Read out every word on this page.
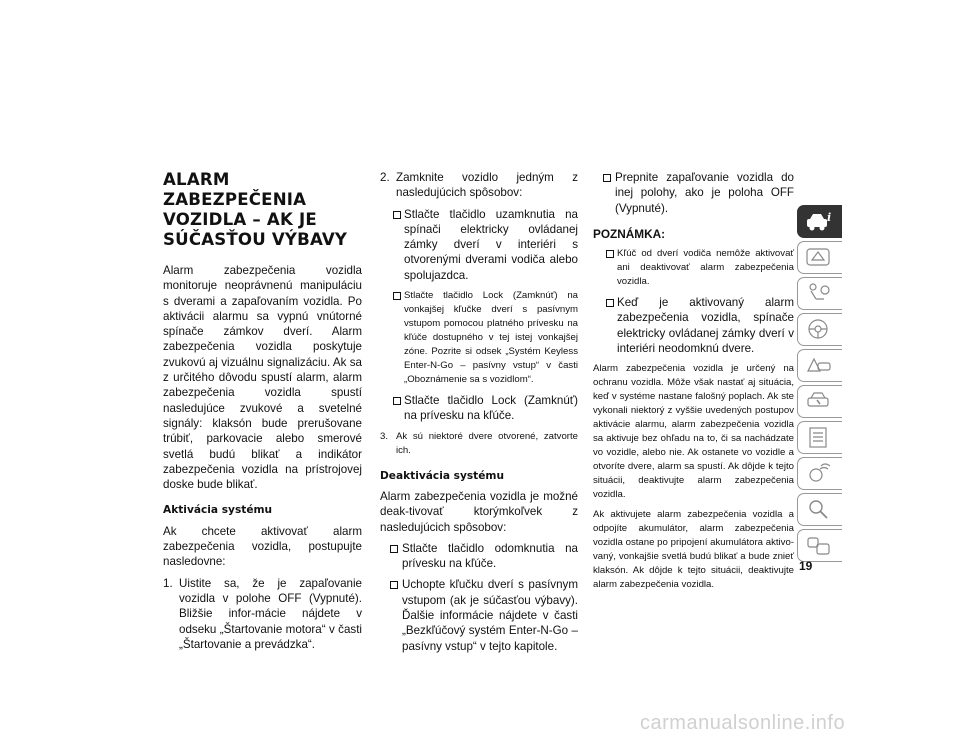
ALARM ZABEZPEČENIA
VOZIDLA – AK JE
SÚČASŤOU VÝBAVY

Alarm zabezpečenia vozidla monitoruje neoprávnenú manipuláciu s dverami a zapaľovaním vozidla. Po aktivácii alarmu sa vypnú vnútorné spínače zámkov dverí. Alarm zabezpečenia vozidla poskytuje zvukovú aj vizuálnu signalizáciu. Ak sa z určitého dôvodu spustí alarm, alarm zabezpečenia vozidla spustí nasledujúce zvukové a svetelné signály: klaksón bude prerušovane trúbiť, parkovacie alebo smerové svetlá budú blikať a indikátor zabezpečenia vozidla na prístrojovej doske bude blikať.

Aktivácia systému

Ak chcete aktivovať alarm zabezpečenia vozidla, postupujte nasledovne:

1. Uistite sa, že je zapaľovanie vozidla v polohe OFF (Vypnuté). Bližšie infor-mácie nájdete v odseku „Štartovanie motora“ v časti „Štartovanie a prevádzka“.
2. Zamknite vozidlo jedným z nasledujúcich spôsobov:
Stlačte tlačidlo uzamknutia na spínači elektricky ovládanej zámky dverí v interiéri s otvorenými dverami vodiča alebo spolujazdca.
Stlačte tlačidlo Lock (Zamknúť) na vonkajšej kľučke dverí s pasívnym vstupom pomocou platného prívesku na kľúče dostupného v tej istej vonkajšej zóne. Pozrite si odsek „Systém Keyless Enter-N-Go – pasívny vstup“ v časti „Oboznámenie sa s vozidlom“.
Stlačte tlačidlo Lock (Zamknúť) na prívesku na kľúče.
3. Ak sú niektoré dvere otvorené, zatvorte ich.
Deaktivácia systému

Alarm zabezpečenia vozidla je možné deak-tivovať ktorýmkoľvek z nasledujúcich spôsobov:

Stlačte tlačidlo odomknutia na prívesku na kľúče.
Uchopte kľučku dverí s pasívnym vstupom (ak je súčasťou výbavy). Ďalšie informácie nájdete v časti „Bezkľúčový systém Enter-N-Go – pasívny vstup“ v tejto kapitole.
Prepnite zapaľovanie vozidla do inej polohy, ako je poloha OFF (Vypnuté).
POZNÁMKA:
Kľúč od dverí vodiča nemôže aktivovať ani deaktivovať alarm zabezpečenia vozidla.
Keď je aktivovaný alarm zabezpečenia vozidla, spínače elektricky ovládanej zámky dverí v interiéri neodomknú dvere.

Alarm zabezpečenia vozidla je určený na ochranu vozidla. Môže však nastať aj situácia, keď v systéme nastane falošný poplach. Ak ste vykonali niektorý z vyššie uvedených postupov aktivácie alarmu, alarm zabezpečenia vozidla sa aktivuje bez ohľadu na to, či sa nachádzate vo vozidle, alebo nie. Ak ostanete vo vozidle a otvoríte dvere, alarm sa spustí. Ak dôjde k tejto situácii, deaktivujte alarm zabezpečenia vozidla.

Ak aktivujete alarm zabezpečenia vozidla a odpojíte akumulátor, alarm zabezpečenia vozidla ostane po pripojení akumulátora aktivo-vaný, vonkajšie svetlá budú blikať a bude znieť klaksón. Ak dôjde k tejto situácii, deaktivujte alarm zabezpečenia vozidla.

i
19
carmanualsonline.info
